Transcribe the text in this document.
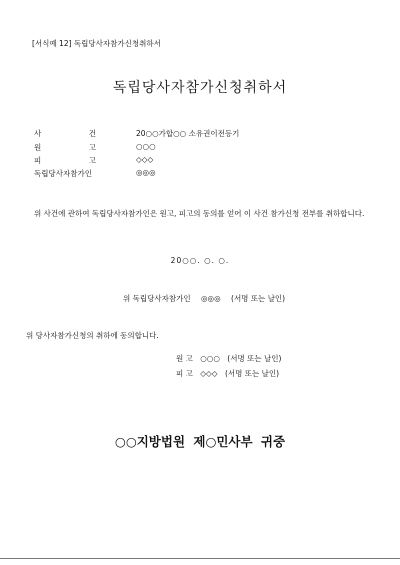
[서식예 12] 독립당사자참가신청취하서
독립당사자참가신청취하서
사	건	20○○가합○○ 소유권이전등기
원	고	○○○
피	고	◇◇◇
독립당사자참가인	◎◎◎
위 사건에 관하여 독립당사자참가인은 원고, 피고의 동의를 얻어 이 사건 참가신청 전부를 취하합니다.
20○○. ○. ○.
위 독립당사자참가인 ◎◎◎ (서명 또는 날인)
위 당사자참가신청의 취하에 동의합니다.
원 고 ○○○ (서명 또는 날인)
피 고 ◇◇◇ (서명 또는 날인)
○○지방법원 제○민사부 귀중
